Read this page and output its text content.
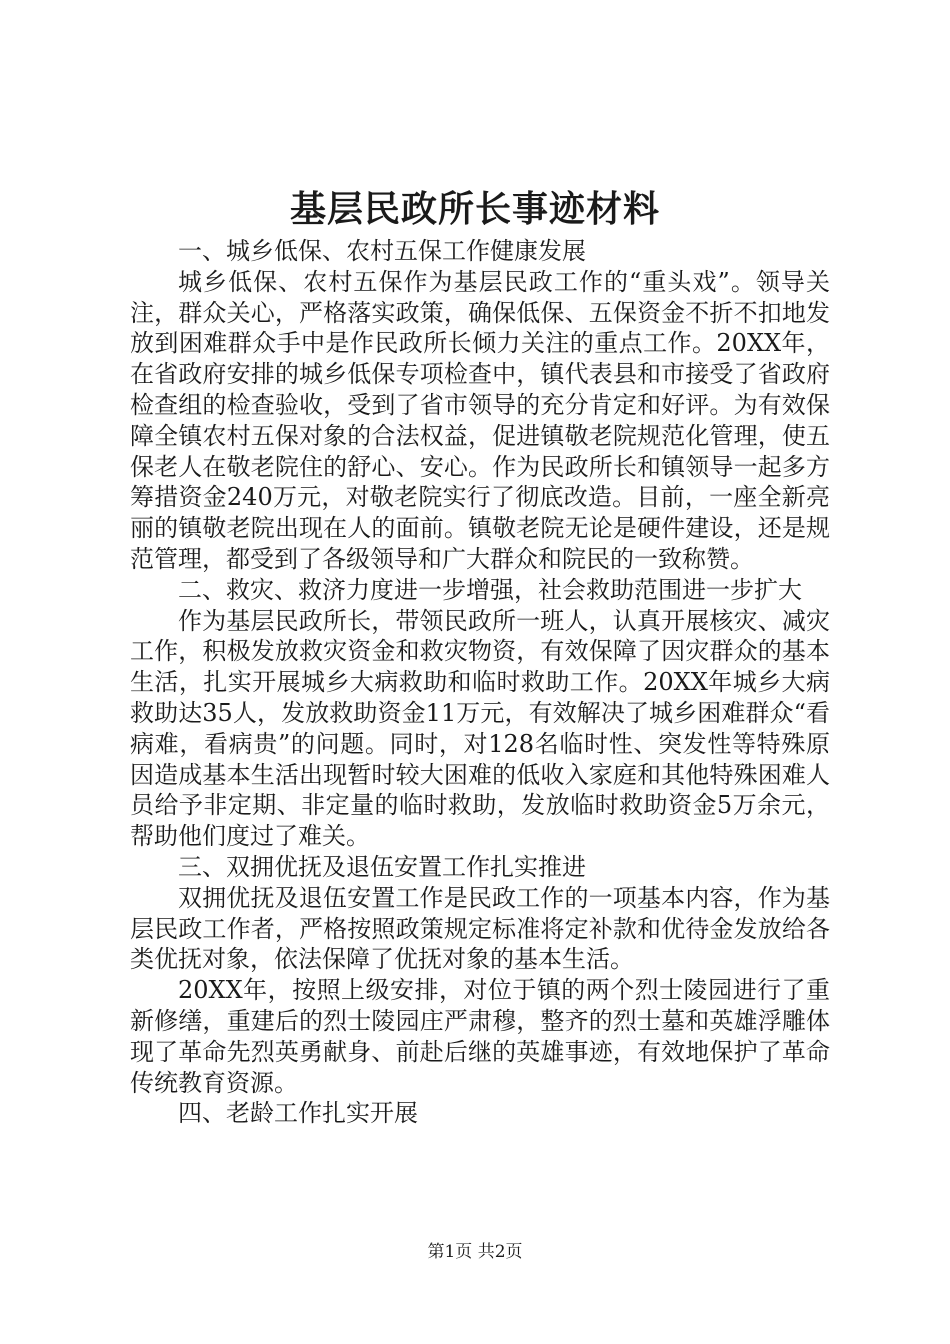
基层民政所长事迹材料

一、城乡低保、农村五保工作健康发展

城乡低保、农村五保作为基层民政工作的“重头戏”。领导关注，群众关心，严格落实政策，确保低保、五保资金不折不扣地发放到困难群众手中是作民政所长倾力关注的重点工作。20XX年，在省政府安排的城乡低保专项检查中，镇代表县和市接受了省政府检查组的检查验收，受到了省市领导的充分肯定和好评。为有效保障全镇农村五保对象的合法权益，促进镇敬老院规范化管理，使五保老人在敬老院住的舒心、安心。作为民政所长和镇领导一起多方筹措资金240万元，对敬老院实行了彻底改造。目前，一座全新亮丽的镇敬老院出现在人的面前。镇敬老院无论是硬件建设，还是规范管理，都受到了各级领导和广大群众和院民的一致称赞。

二、救灾、救济力度进一步增强，社会救助范围进一步扩大

作为基层民政所长，带领民政所一班人，认真开展核灾、减灾工作，积极发放救灾资金和救灾物资，有效保障了因灾群众的基本生活，扎实开展城乡大病救助和临时救助工作。20XX年城乡大病救助达35人，发放救助资金11万元，有效解决了城乡困难群众“看病难，看病贵”的问题。同时，对128名临时性、突发性等特殊原因造成基本生活出现暂时较大困难的低收入家庭和其他特殊困难人员给予非定期、非定量的临时救助，发放临时救助资金5万余元，帮助他们度过了难关。

三、双拥优抚及退伍安置工作扎实推进

双拥优抚及退伍安置工作是民政工作的一项基本内容，作为基层民政工作者，严格按照政策规定标准将定补款和优待金发放给各类优抚对象，依法保障了优抚对象的基本生活。

20XX年，按照上级安排，对位于镇的两个烈士陵园进行了重新修缮，重建后的烈士陵园庄严肃穆，整齐的烈士墓和英雄浮雕体现了革命先烈英勇献身、前赴后继的英雄事迹，有效地保护了革命传统教育资源。

四、老龄工作扎实开展

第1页 共2页
